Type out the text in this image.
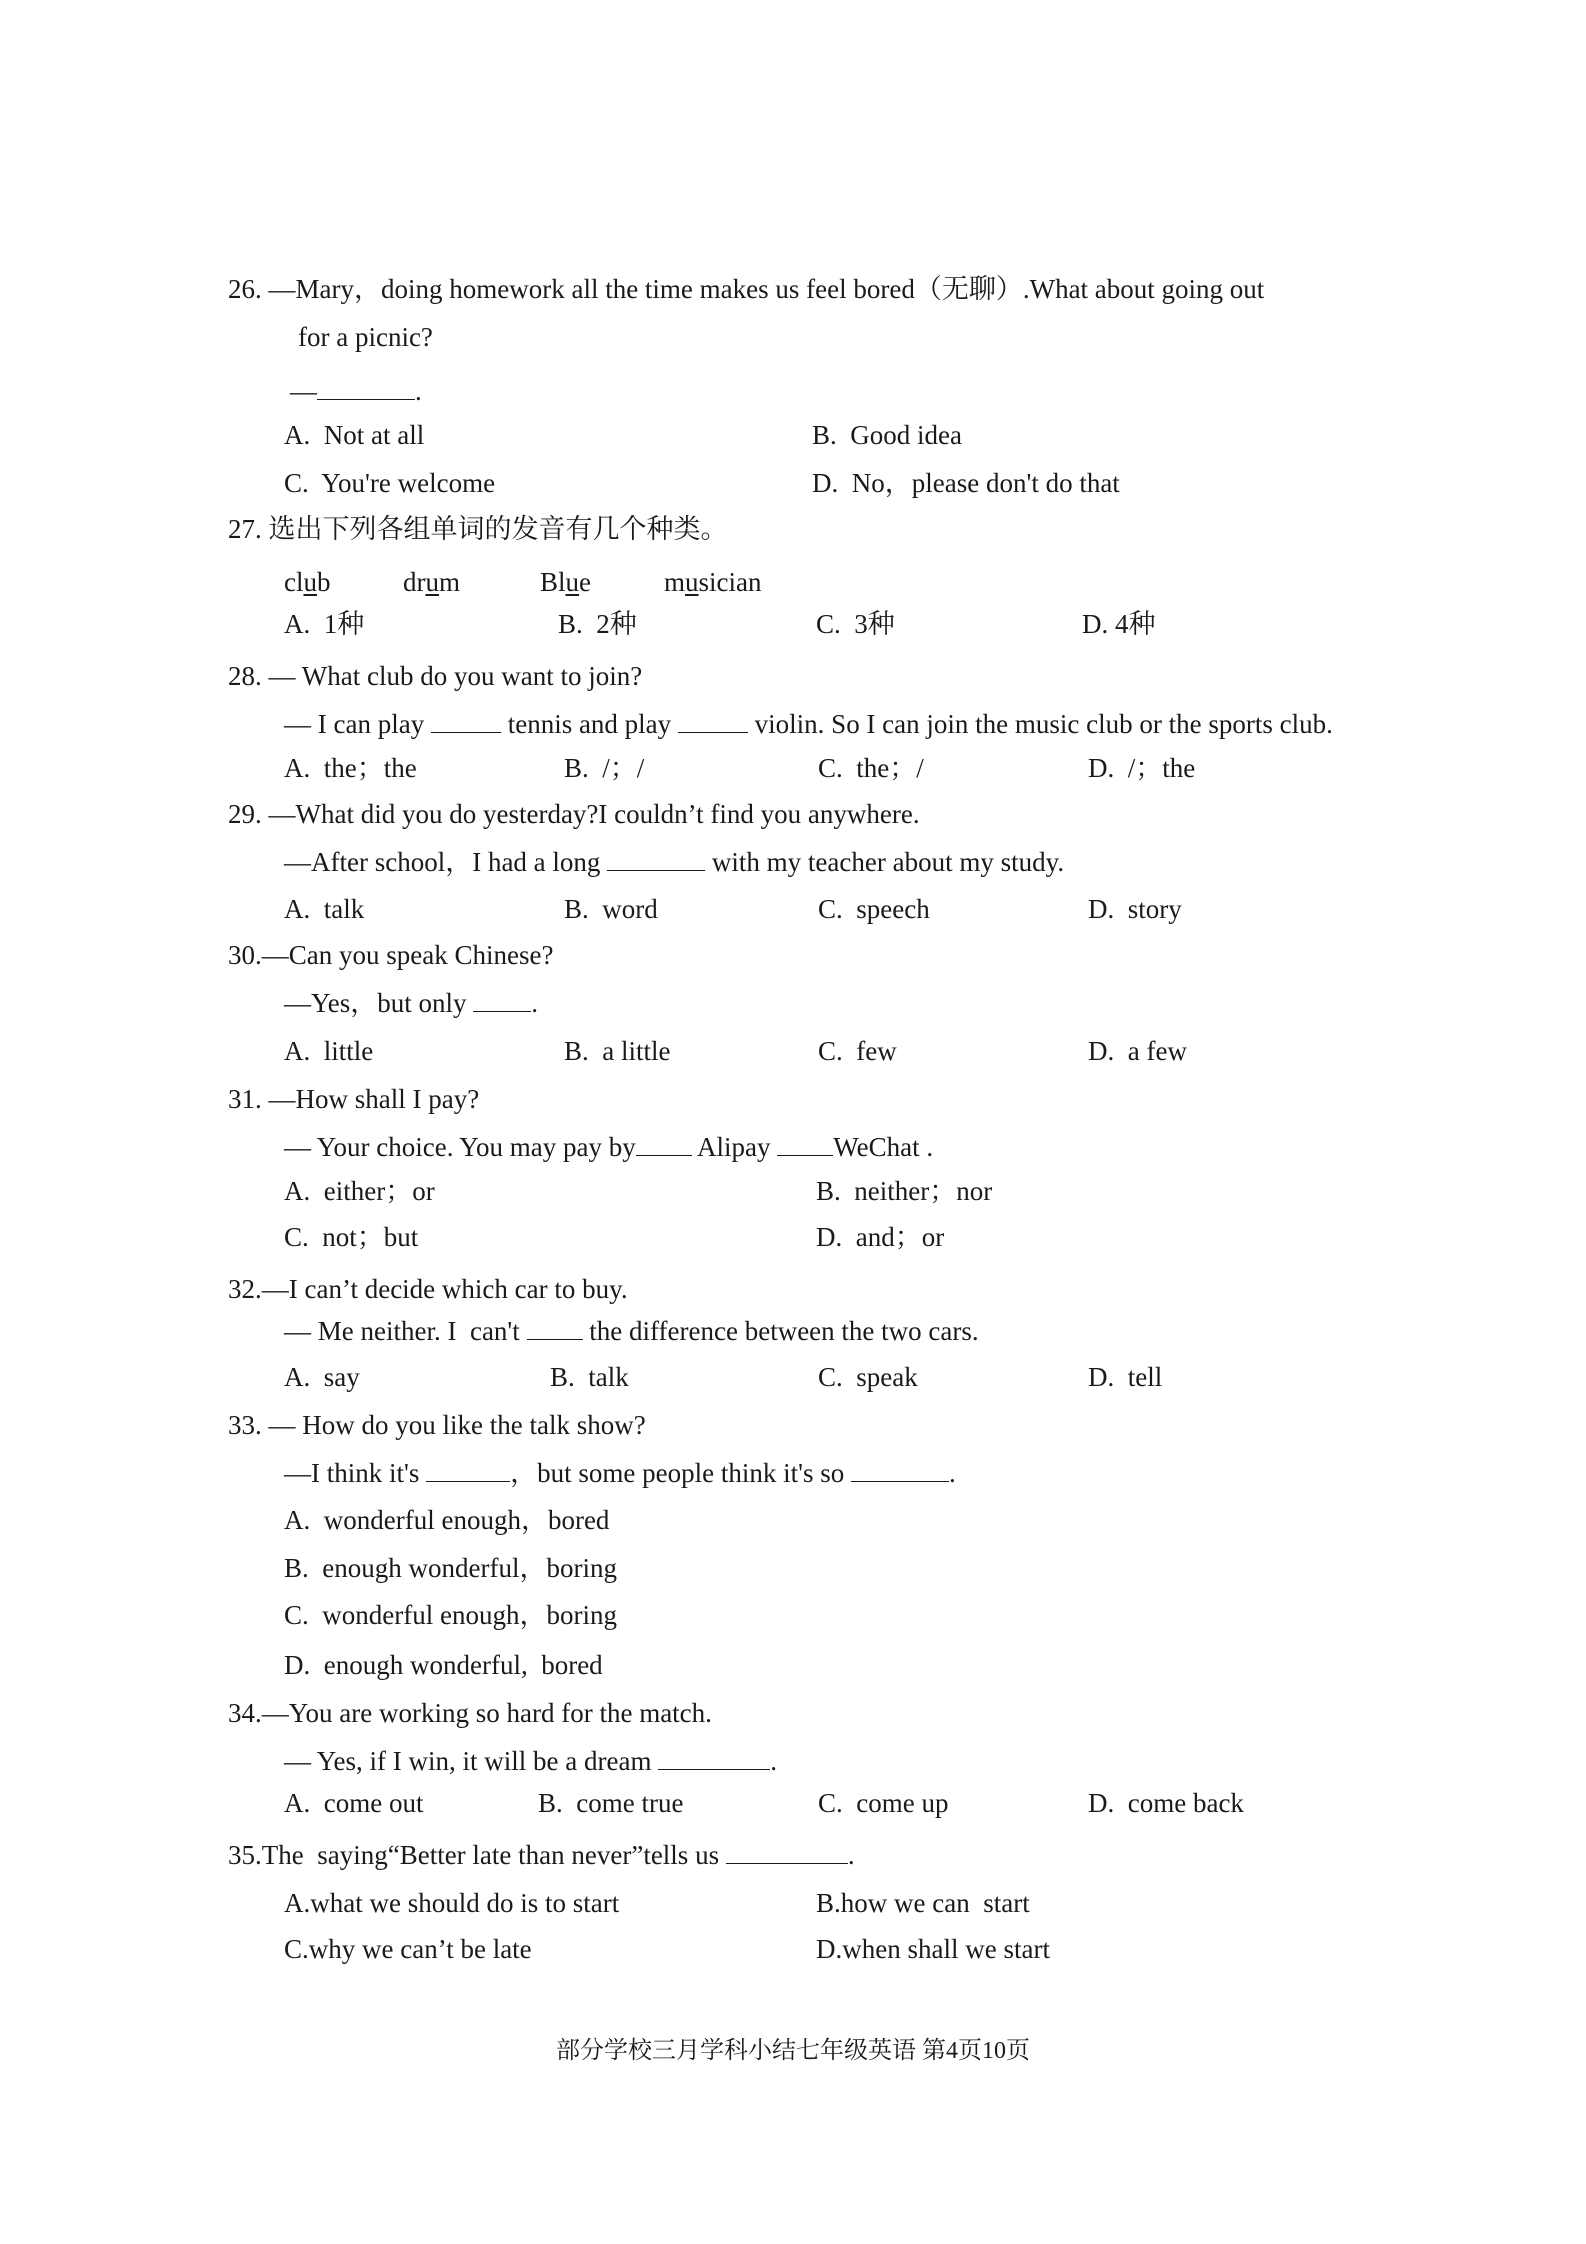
26. —Mary，doing homework all the time makes us feel bored（无聊）.What about going out
for a picnic?
—	.
A.  Not at all	B.  Good idea
C.  You're welcome	D.  No，please don't do that
27. 选出下列各组单词的发音有几个种类。
club	drum	Blue	musician
A.  1种	B.  2种	C.  3种	D. 4种
28. — What club do you want to join?
— I can play	tennis and play	violin. So I can join the music club or the sports club.
A.  the；the	B.  /；/	C.  the；/	D.  /；the
29. —What did you do yesterday?I couldn’t find you anywhere.
—After school，I had a long	with my teacher about my study.
A.  talk	B.  word	C.  speech	D.  story
30.—Can you speak Chinese?
—Yes，but only .
A.  little	B.  a little	C.  few	D.  a few
31. —How shall I pay?
— Your choice. You may pay by Alipay WeChat .
A.  either；or	B.  neither；nor
C.  not；but	D.  and；or
32.—I can’t decide which car to buy.
— Me neither. I  can't	the difference between the two cars.
A.  say	B.  talk	C.  speak	D.  tell
33. — How do you like the talk show?
—I think it's	，but some people think it's so	.
A.  wonderful enough，bored
B.  enough wonderful，boring
C.  wonderful enough，boring
D.  enough wonderful,  bored
34.—You are working so hard for the match.
— Yes, if I win, it will be a dream	.
A.  come out	B.  come true	C.  come up	D.  come back
35.The  saying“Better late than never”tells us	.
A.what we should do is to start	B.how we can  start
C.why we can’t be late	D.when shall we start
部分学校三月学科小结七年级英语 第4页10页
